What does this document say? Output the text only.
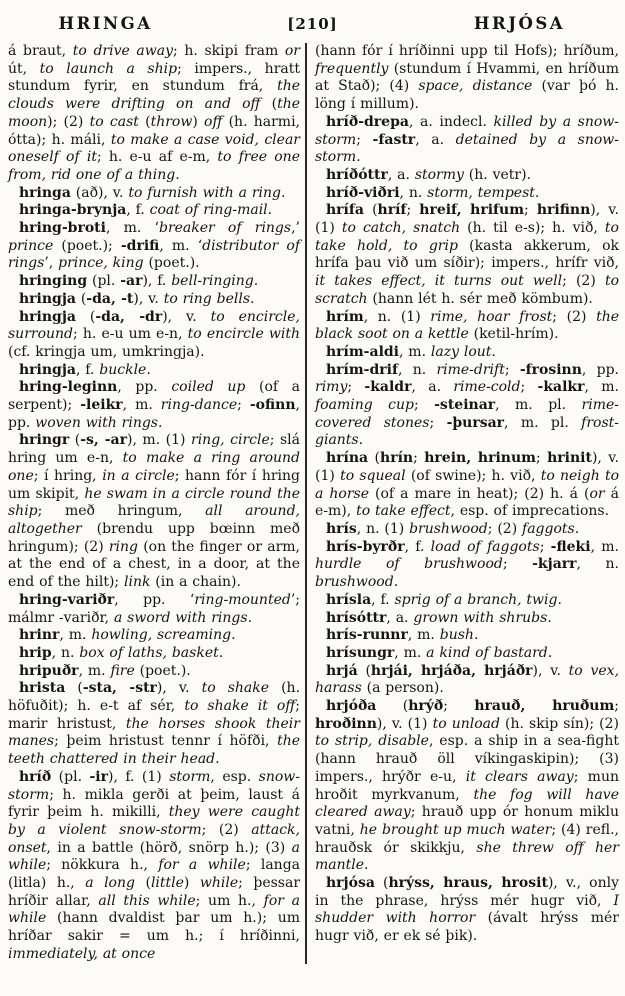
HRINGA	[210]	HRJÓSA

á braut, to drive away; h. skipi fram or út, to launch a ship; impers., hratt stundum fyrir, en stundum frá, the clouds were drifting on and off (the moon); (2) to cast (throw) off (h. harmi, ótta); h. máli, to make a case void, clear oneself of it; h. e-u af e-m, to free one from, rid one of a thing.

hringa (að), v. to furnish with a ring.

hringa-brynja, f. coat of ring-mail.

hring-broti, m. ‘breaker of rings,’ prince (poet.); -drifi, m. ‘distributor of rings’, prince, king (poet.).

hringing (pl. -ar), f. bell-ringing.

hringja (-da, -t), v. to ring bells.

hringja (-da, -dr), v. to encircle, surround; h. e-u um e-n, to encircle with (cf. kringja um, umkringja).

hringja, f. buckle.

hring-leginn, pp. coiled up (of a serpent); -leikr, m. ring-dance; -ofinn, pp. woven with rings.

hringr (-s, -ar), m. (1) ring, circle; slá hring um e-n, to make a ring around one; í hring, in a circle; hann fór í hring um skipit, he swam in a circle round the ship; með hringum, all around, altogether (brendu upp bœinn með hringum); (2) ring (on the finger or arm, at the end of a chest, in a door, at the end of the hilt); link (in a chain).

hring-variðr, pp. ‘ring-mounted’; málmr -variðr, a sword with rings.

hrinr, m. howling, screaming.

hrip, n. box of laths, basket.

hripuðr, m. fire (poet.).

hrista (-sta, -str), v. to shake (h. höfuðit); h. e-t af sér, to shake it off; marir hristust, the horses shook their manes; þeim hristust tennr í höfði, the teeth chattered in their head.

hríð (pl. -ir), f. (1) storm, esp. snow-storm; h. mikla gerði at þeim, laust á fyrir þeim h. mikilli, they were caught by a violent snow-storm; (2) attack, onset, in a battle (hörð, snörp h.); (3) a while; nökkura h., for a while; langa (litla) h., a long (little) while; þessar hríðir allar, all this while; um h., for a while (hann dvaldist þar um h.); um hríðar sakir = um h.; í hríðinni, immediately, at once

(hann fór í hríðinni upp til Hofs); hríðum, frequently (stundum í Hvammi, en hríðum at Stað); (4) space, distance (var þó h. löng í millum).

hríð-drepa, a. indecl. killed by a snow-storm; -fastr, a. detained by a snow-storm.

hríðóttr, a. stormy (h. vetr).

hríð-viðri, n. storm, tempest.

hrífa (hríf; hreif, hrifum; hrifinn), v. (1) to catch, snatch (h. til e-s); h. við, to take hold, to grip (kasta akkerum, ok hrífa þau við um síðir); impers., hrífr við, it takes effect, it turns out well; (2) to scratch (hann lét h. sér með kömbum).

hrím, n. (1) rime, hoar frost; (2) the black soot on a kettle (ketil-hrím).

hrím-aldi, m. lazy lout.

hrím-drif, n. rime-drift; -frosinn, pp. rimy; -kaldr, a. rime-cold; -kalkr, m. foaming cup; -steinar, m. pl. rime-covered stones; -þursar, m. pl. frost-giants.

hrína (hrín; hrein, hrinum; hrinit), v. (1) to squeal (of swine); h. við, to neigh to a horse (of a mare in heat); (2) h. á (or á e-m), to take effect, esp. of imprecations.

hrís, n. (1) brushwood; (2) faggots.

hrís-byrðr, f. load of faggots; -fleki, m. hurdle of brushwood; -kjarr, n. brushwood.

hrísla, f. sprig of a branch, twig.

hrísóttr, a. grown with shrubs.

hrís-runnr, m. bush.

hrísungr, m. a kind of bastard.

hrjá (hrjái, hrjáða, hrjáðr), v. to vex, harass (a person).

hrjóða (hrýð; hrauð, hruðum; hroðinn), v. (1) to unload (h. skip sín); (2) to strip, disable, esp. a ship in a sea-fight (hann hrauð öll víkingaskipin); (3) impers., hrýðr e-u, it clears away; mun hroðit myrkvanum, the fog will have cleared away; hrauð upp ór honum miklu vatni, he brought up much water; (4) refl., hrauðsk ór skikkju, she threw off her mantle.

hrjósa (hrýss, hraus, hrosit), v., only in the phrase, hrýss mér hugr við, I shudder with horror (ávalt hrýss mér hugr við, er ek sé þik).
